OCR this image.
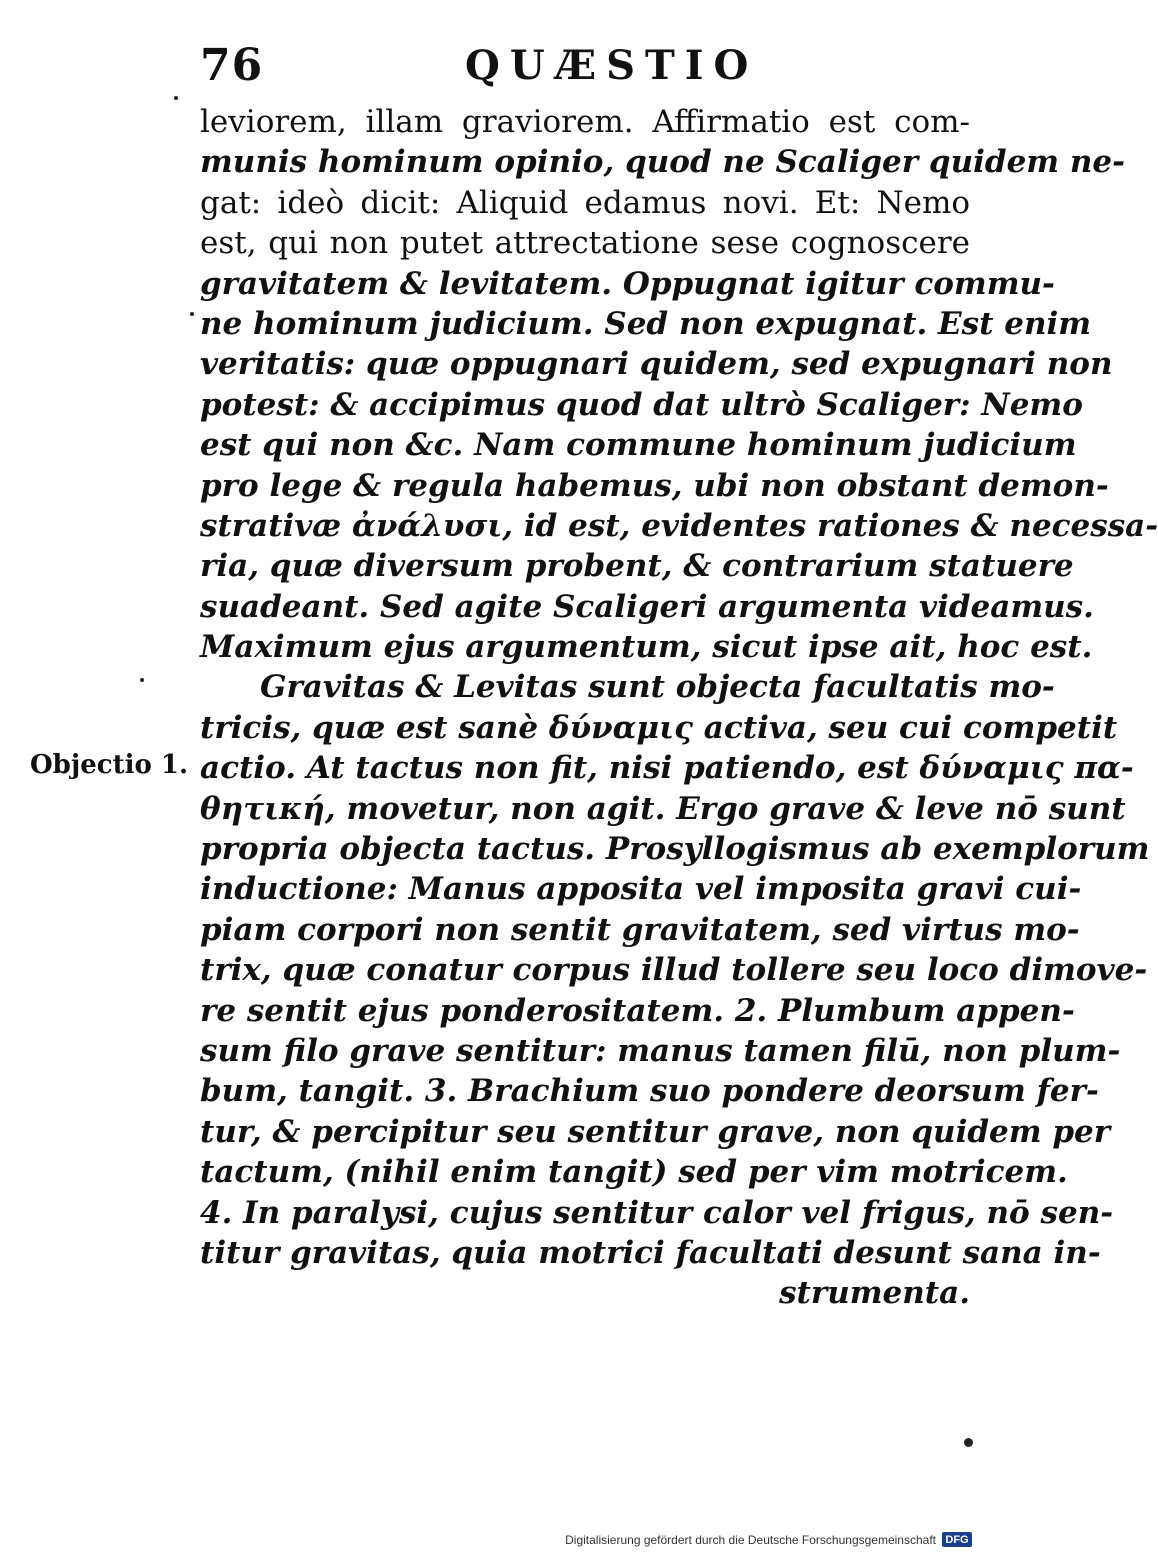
76	QUÆSTIO
Objectio 1.
leviorem, illam graviorem. Affirmatio est com-
munis hominum opinio, quod ne Scaliger quidem ne-
gat: ideò dicit: Aliquid edamus novi. Et: Nemo
est, qui non putet attrectatione sese cognoscere
gravitatem & levitatem. Oppugnat igitur commu-
ne hominum judicium. Sed non expugnat. Est enim
veritatis: quæ oppugnari quidem, sed expugnari non
potest: & accipimus quod dat ultrò Scaliger: Nemo
est qui non &c. Nam commune hominum judicium
pro lege & regula habemus, ubi non obstant demon-
strativæ ἀνάλυσι, id est, evidentes rationes & necessa-
ria, quæ diversum probent, & contrarium statuere
suadeant. Sed agite Scaligeri argumenta videamus.
Maximum ejus argumentum, sicut ipse ait, hoc est.
Gravitas & Levitas sunt objecta facultatis mo-
tricis, quæ est sanè δύναμις activa, seu cui competit
actio. At tactus non fit, nisi patiendo, est δύναμις πα-
θητική, movetur, non agit. Ergo grave & leve nō sunt
propria objecta tactus. Prosyllogismus ab exemplorum
inductione: Manus apposita vel imposita gravi cui-
piam corpori non sentit gravitatem, sed virtus mo-
trix, quæ conatur corpus illud tollere seu loco dimove-
re sentit ejus ponderositatem. 2. Plumbum appen-
sum filo grave sentitur: manus tamen filū, non plum-
bum, tangit. 3. Brachium suo pondere deorsum fer-
tur, & percipitur seu sentitur grave, non quidem per
tactum, (nihil enim tangit) sed per vim motricem.
4. In paralysi, cujus sentitur calor vel frigus, nō sen-
titur gravitas, quia motrici facultati desunt sana in-
strumenta.
Digitalisierung gefördert durch die Deutsche Forschungsgemeinschaft DFG
